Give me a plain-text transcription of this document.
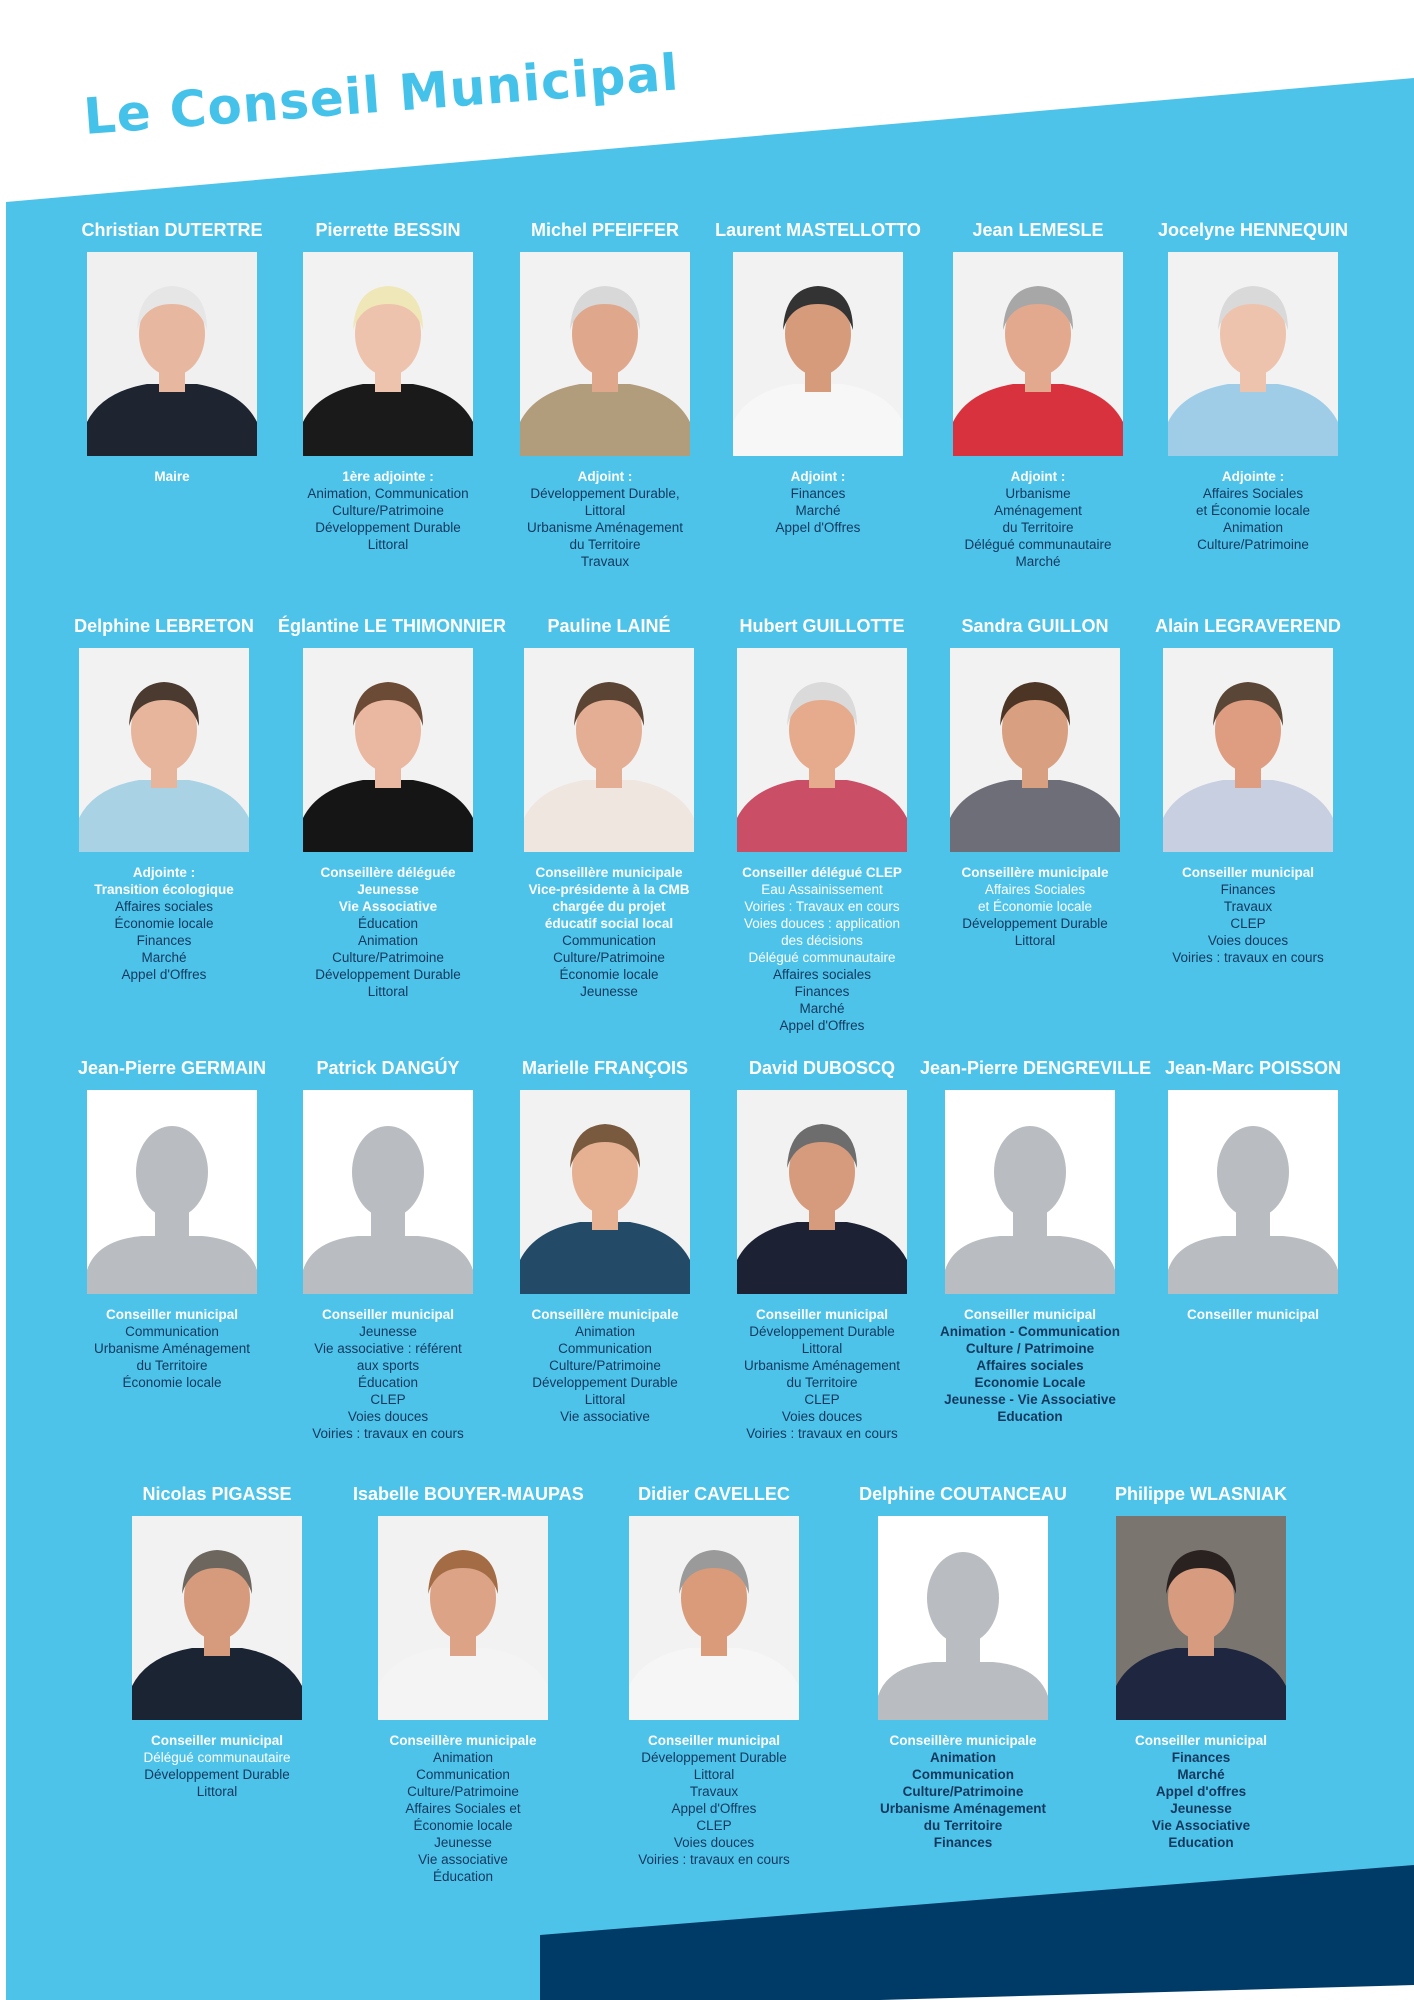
Le Conseil Municipal
Christian DUTERTRE
Maire
Pierrette BESSIN
1ère adjointe :
Animation, Communication
Culture/Patrimoine
Développement Durable
Littoral
Michel PFEIFFER
Adjoint :
Développement Durable,
Littoral
Urbanisme Aménagement
du Territoire
Travaux
Laurent MASTELLOTTO
Adjoint :
Finances
Marché
Appel d'Offres
Jean LEMESLE
Adjoint :
Urbanisme
Aménagement
du Territoire
Délégué communautaire
Marché
Jocelyne HENNEQUIN
Adjointe :
Affaires Sociales
et Économie locale
Animation
Culture/Patrimoine
Delphine LEBRETON
Adjointe :
Transition écologique
Affaires sociales
Économie locale
Finances
Marché
Appel d'Offres
Églantine LE THIMONNIER
Conseillère déléguée
Jeunesse
Vie Associative
Éducation
Animation
Culture/Patrimoine
Développement Durable
Littoral
Pauline LAINÉ
Conseillère municipale
Vice-présidente à la CMB
chargée du projet
éducatif social local
Communication
Culture/Patrimoine
Économie locale
Jeunesse
Hubert GUILLOTTE
Conseiller délégué CLEP
Eau Assainissement
Voiries : Travaux en cours
Voies douces : application
des décisions
Délégué communautaire
Affaires sociales
Finances
Marché
Appel d'Offres
Sandra GUILLON
Conseillère municipale
Affaires Sociales
et Économie locale
Développement Durable
Littoral
Alain LEGRAVEREND
Conseiller municipal
Finances
Travaux
CLEP
Voies douces
Voiries : travaux en cours
Jean-Pierre GERMAIN
Conseiller municipal
Communication
Urbanisme Aménagement
du Territoire
Économie locale
Patrick DANGÚY
Conseiller municipal
Jeunesse
Vie associative : référent
aux sports
Éducation
CLEP
Voies douces
Voiries : travaux en cours
Marielle FRANÇOIS
Conseillère municipale
Animation
Communication
Culture/Patrimoine
Développement Durable
Littoral
Vie associative
David DUBOSCQ
Conseiller municipal
Développement Durable
Littoral
Urbanisme Aménagement
du Territoire
CLEP
Voies douces
Voiries : travaux en cours
Jean-Pierre DENGREVILLE
Conseiller municipal
Animation - Communication
Culture / Patrimoine
Affaires sociales
Economie Locale
Jeunesse - Vie Associative
Education
Jean-Marc POISSON
Conseiller municipal
Nicolas PIGASSE
Conseiller municipal
Délégué communautaire
Développement Durable
Littoral
Isabelle BOUYER-MAUPAS
Conseillère municipale
Animation
Communication
Culture/Patrimoine
Affaires Sociales et
Économie locale
Jeunesse
Vie associative
Éducation
Didier CAVELLEC
Conseiller municipal
Développement Durable
Littoral
Travaux
Appel d'Offres
CLEP
Voies douces
Voiries : travaux en cours
Delphine COUTANCEAU
Conseillère municipale
Animation
Communication
Culture/Patrimoine
Urbanisme Aménagement
du Territoire
Finances
Philippe WLASNIAK
Conseiller municipal
Finances
Marché
Appel d'offres
Jeunesse
Vie Associative
Education
